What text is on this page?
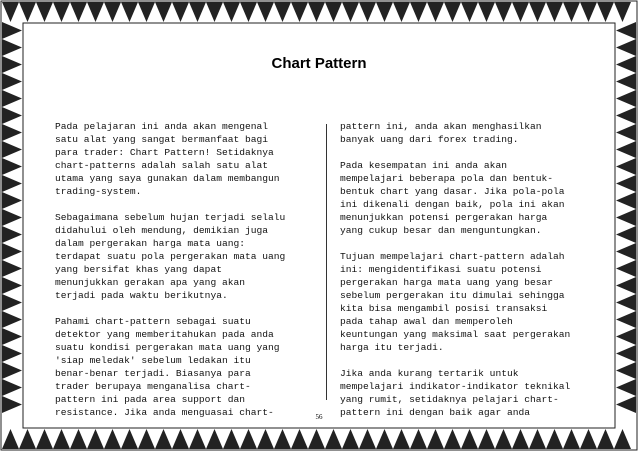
Chart Pattern
Pada pelajaran ini anda akan mengenal
satu alat yang sangat bermanfaat bagi
para trader: Chart Pattern! Setidaknya
chart-patterns adalah salah satu alat
utama yang saya gunakan dalam membangun
trading-system.
Sebagaimana sebelum hujan terjadi selalu
didahului oleh mendung, demikian juga
dalam pergerakan harga mata uang:
terdapat suatu pola pergerakan mata uang
yang bersifat khas yang dapat
menunjukkan gerakan apa yang akan
terjadi pada waktu berikutnya.
Pahami chart-pattern sebagai suatu
detektor yang memberitahukan pada anda
suatu kondisi pergerakan mata uang yang
'siap meledak' sebelum ledakan itu
benar-benar terjadi. Biasanya para
trader berupaya menganalisa chart-
pattern ini pada area support dan
resistance. Jika anda menguasai chart-
pattern ini, anda akan menghasilkan
banyak uang dari forex trading.
Pada kesempatan ini anda akan
mempelajari beberapa pola dan bentuk-
bentuk chart yang dasar. Jika pola-pola
ini dikenali dengan baik, pola ini akan
menunjukkan potensi pergerakan harga
yang cukup besar dan menguntungkan.
Tujuan mempelajari chart-pattern adalah
ini: mengidentifikasi suatu potensi
pergerakan harga mata uang yang besar
sebelum pergerakan itu dimulai sehingga
kita bisa mengambil posisi transaksi
pada tahap awal dan memperoleh
keuntungan yang maksimal saat pergerakan
harga itu terjadi.
Jika anda kurang tertarik untuk
mempelajari indikator-indikator teknikal
yang rumit, setidaknya pelajari chart-
pattern ini dengan baik agar anda
56
